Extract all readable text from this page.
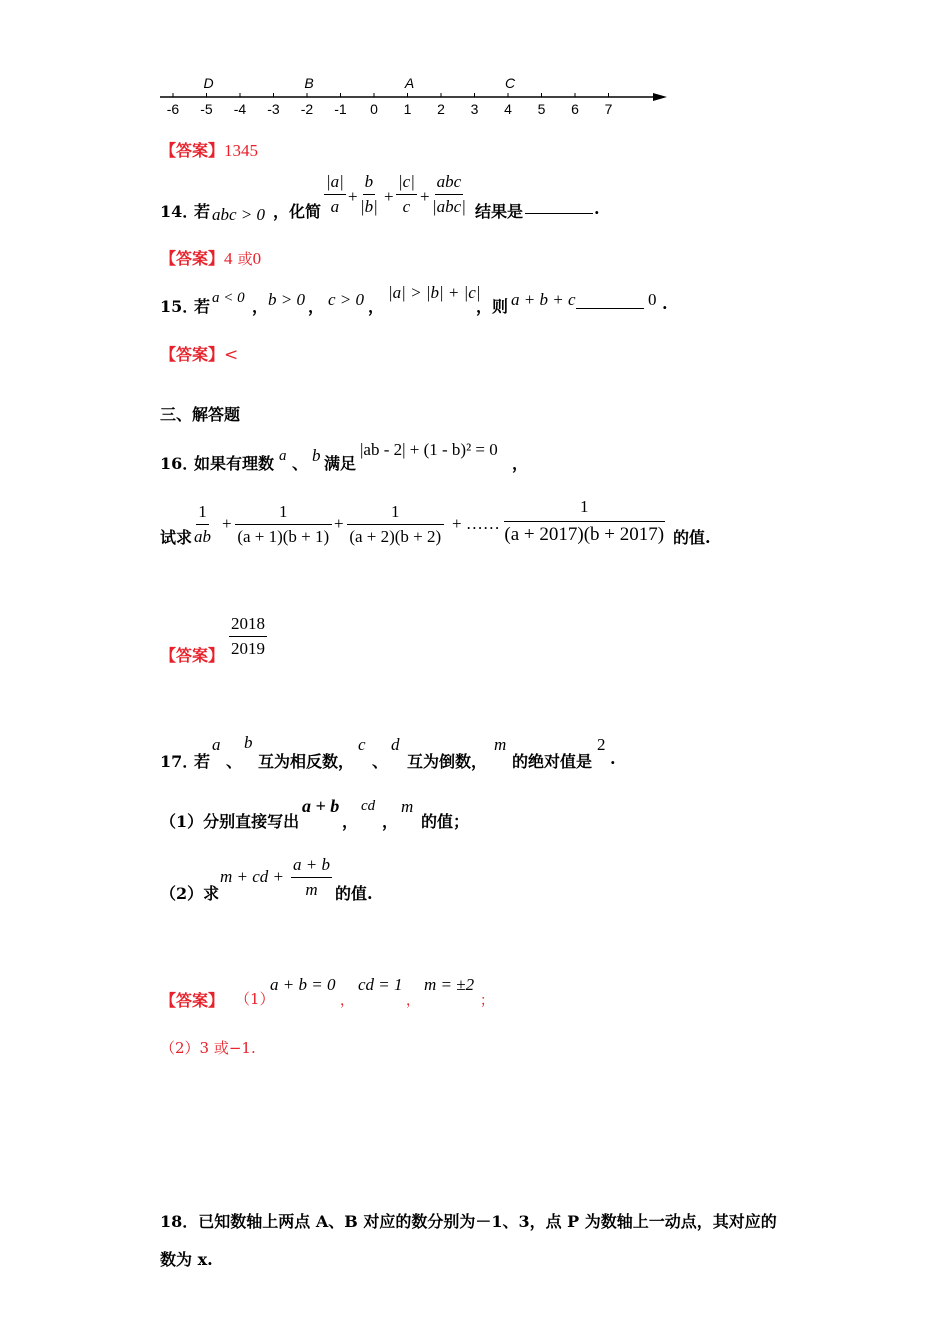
-6 -5 -4 -3 -2 -1 0 1 2 3 4 5 6 7
D	B	A	C
【答案】1345
14．
若 abc > 0 ，化简 $\frac{|a|}{a} + \frac{b}{|b|} + \frac{|c|}{c}$ +
abc
|abc| 结果是	.
【答案】4 或0
15．
若 a < 0 ， b > 0 ， c > 0 ，
|a| > |b| + |c|
，则 a + b + c	0 .
【答案】<
三、解答题
16．
如果有理数 a 、 b 满足
|ab - 2| + (1 - b)² = 0
，
试求 $\frac{1}{ab} + \frac{1}{(a + 1)(b + 1)} + \frac{1}{(a + 2)(b + 2)}$ + …… $\frac{1}{(a + 2017)(b + 2017)}$ 的值.
【答案】 $\frac{2018}{2019}$
17．
若
a
、
b
互为相反数，
c
、
d
互为倒数，
m
的绝对值是
2
.
（1）分别直接写出
a + b
，
cd
，
m
的值；
（2）求
m + cd + $\frac{a + b}{m}$ 的值.
【答案】 （1）
a + b = 0
，
cd = 1
，
m = ±2
；
（2）3 或−1.
18．已知数轴上两点 A、B 对应的数分别为－1、3，点 P 为数轴上一动点，其对应的
数为 x.
